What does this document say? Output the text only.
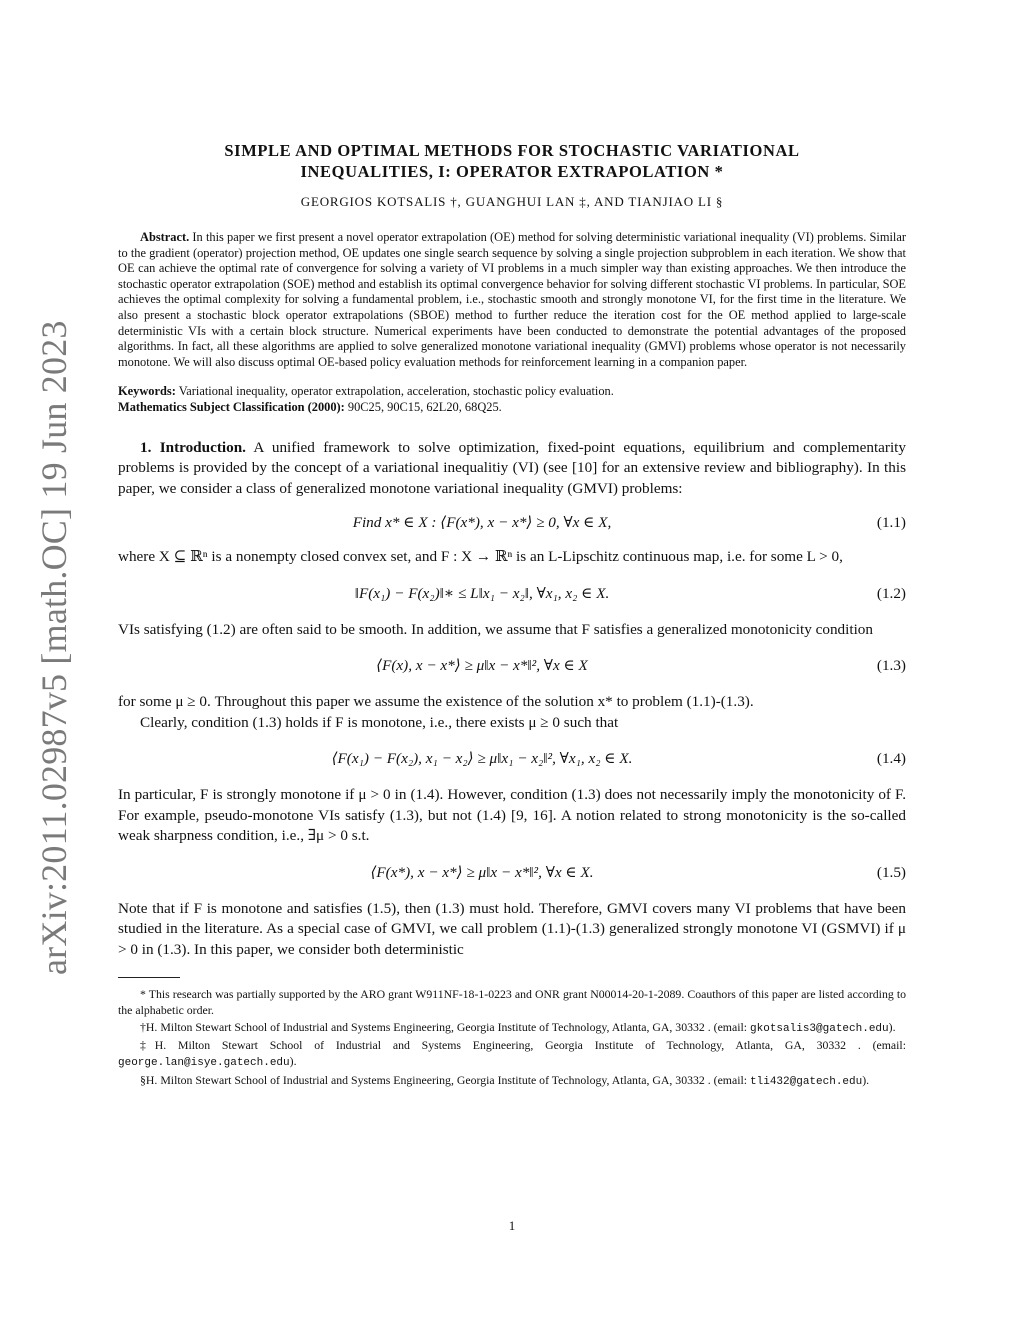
arXiv:2011.02987v5 [math.OC] 19 Jun 2023
SIMPLE AND OPTIMAL METHODS FOR STOCHASTIC VARIATIONAL
INEQUALITIES, I: OPERATOR EXTRAPOLATION *
GEORGIOS KOTSALIS †, GUANGHUI LAN ‡, AND TIANJIAO LI §
Abstract. In this paper we first present a novel operator extrapolation (OE) method for solving deterministic variational inequality (VI) problems. Similar to the gradient (operator) projection method, OE updates one single search sequence by solving a single projection subproblem in each iteration. We show that OE can achieve the optimal rate of convergence for solving a variety of VI problems in a much simpler way than existing approaches. We then introduce the stochastic operator extrapolation (SOE) method and establish its optimal convergence behavior for solving different stochastic VI problems. In particular, SOE achieves the optimal complexity for solving a fundamental problem, i.e., stochastic smooth and strongly monotone VI, for the first time in the literature. We also present a stochastic block operator extrapolations (SBOE) method to further reduce the iteration cost for the OE method applied to large-scale deterministic VIs with a certain block structure. Numerical experiments have been conducted to demonstrate the potential advantages of the proposed algorithms. In fact, all these algorithms are applied to solve generalized monotone variational inequality (GMVI) problems whose operator is not necessarily monotone. We will also discuss optimal OE-based policy evaluation methods for reinforcement learning in a companion paper.
Keywords: Variational inequality, operator extrapolation, acceleration, stochastic policy evaluation.
Mathematics Subject Classification (2000): 90C25, 90C15, 62L20, 68Q25.

1. Introduction. A unified framework to solve optimization, fixed-point equations, equilibrium and complementarity problems is provided by the concept of a variational inequalitiy (VI) (see [10] for an extensive review and bibliography). In this paper, we consider a class of generalized monotone variational inequality (GMVI) problems:

Find x* ∈ X : ⟨F(x*), x − x*⟩ ≥ 0, ∀x ∈ X,	(1.1)

where X ⊆ ℝⁿ is a nonempty closed convex set, and F : X → ℝⁿ is an L-Lipschitz continuous map, i.e. for some L > 0,

‖F(x₁) − F(x₂)‖∗ ≤ L‖x₁ − x₂‖, ∀x₁, x₂ ∈ X.	(1.2)

VIs satisfying (1.2) are often said to be smooth. In addition, we assume that F satisfies a generalized monotonicity condition

⟨F(x), x − x*⟩ ≥ μ‖x − x*‖², ∀x ∈ X	(1.3)

for some μ ≥ 0. Throughout this paper we assume the existence of the solution x* to problem (1.1)-(1.3).

Clearly, condition (1.3) holds if F is monotone, i.e., there exists μ ≥ 0 such that

⟨F(x₁) − F(x₂), x₁ − x₂⟩ ≥ μ‖x₁ − x₂‖², ∀x₁, x₂ ∈ X.	(1.4)

In particular, F is strongly monotone if μ > 0 in (1.4). However, condition (1.3) does not necessarily imply the monotonicity of F. For example, pseudo-monotone VIs satisfy (1.3), but not (1.4) [9, 16]. A notion related to strong monotonicity is the so-called weak sharpness condition, i.e., ∃μ > 0 s.t.

⟨F(x*), x − x*⟩ ≥ μ‖x − x*‖², ∀x ∈ X.	(1.5)

Note that if F is monotone and satisfies (1.5), then (1.3) must hold. Therefore, GMVI covers many VI problems that have been studied in the literature. As a special case of GMVI, we call problem (1.1)-(1.3) generalized strongly monotone VI (GSMVI) if μ > 0 in (1.3). In this paper, we consider both deterministic

* This research was partially supported by the ARO grant W911NF-18-1-0223 and ONR grant N00014-20-1-2089. Coauthors of this paper are listed according to the alphabetic order.

†H. Milton Stewart School of Industrial and Systems Engineering, Georgia Institute of Technology, Atlanta, GA, 30332 . (email: gkotsalis3@gatech.edu).

‡H. Milton Stewart School of Industrial and Systems Engineering, Georgia Institute of Technology, Atlanta, GA, 30332 . (email: george.lan@isye.gatech.edu).

§H. Milton Stewart School of Industrial and Systems Engineering, Georgia Institute of Technology, Atlanta, GA, 30332 . (email: tli432@gatech.edu).

1
